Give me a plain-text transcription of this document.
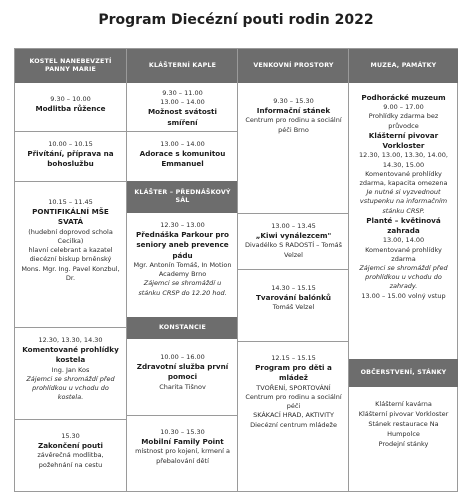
Program Diecézní pouti rodin 2022
KOSTEL NANEBEVZETÍ PANNY MARIE
9.30 – 10.00
Modlitba růžence
10.00 – 10.15
Přivítání, příprava na bohoslužbu
10.15 – 11.45
PONTIFIKÁLNÍ MŠE SVATÁ
(hudební doprovod schola Cecilka)
hlavní celebrant a kazatel diecézní biskup brněnský Mons. Mgr. Ing. Pavel Konzbul, Dr.
12.30, 13.30, 14.30
Komentované prohlídky kostela
Ing. Jan Kos
Zájemci se shromáždí před prohlídkou u vchodu do kostela.
15.30
Zakončení pouti
závěrečná modlitba, požehnání na cestu
KLÁŠTERNÍ KAPLE
9.30 – 11.00
13.00 – 14.00
Možnost svátosti smíření
13.00 – 14.00
Adorace s komunitou Emmanuel
KLÁŠTER – PŘEDNÁŠKOVÝ SÁL
12.30 – 13.00
Přednáška Parkour pro seniory aneb prevence pádu
Mgr. Antonín Tomáš, In Motion Academy Brno
Zájemci se shromáždí u stánku CRSP do 12.20 hod.
KONSTANCIE
10.00 – 16.00
Zdravotní služba první pomoci
Charita Tišnov
10.30 – 15.30
Mobilní Family Point
místnost pro kojení, krmení a přebalování dětí
VENKOVNÍ PROSTORY
9.30 – 15.30
Informační stánek
Centrum pro rodinu a sociální péči Brno
13.00 – 13.45
„Kiwi vynálezcem"
Divadélko S RADOSTÍ – Tomáš Velzel
14.30 – 15.15
Tvarování balónků
Tomáš Velzel
12.15 – 15.15
Program pro děti a mládež
TVOŘENÍ, SPORTOVÁNÍ
Centrum pro rodinu a sociální péči
SKÁKACÍ HRAD, AKTIVITY
Diecézní centrum mládeže
MUZEA, PAMÁTKY
Podhorácké muzeum
9.00 – 17.00
Prohlídky zdarma bez průvodce
Klášterní pivovar Vorkloster
12.30, 13.00, 13.30, 14.00, 14.30, 15.00
Komentované prohlídky zdarma, kapacita omezena
Je nutné si vyzvednout vstupenku na informačním stánku CRSP.
Planté – květinová zahrada
13.00, 14.00
Komentované prohlídky zdarma
Zájemci se shromáždí před prohlídkou u vchodu do zahrady.
13.00 – 15.00 volný vstup
OBČERSTVENÍ, STÁNKY
Klášterní kavárna
Klášterní pivovar Vorkloster
Stánek restaurace Na Humpolce
Prodejní stánky
